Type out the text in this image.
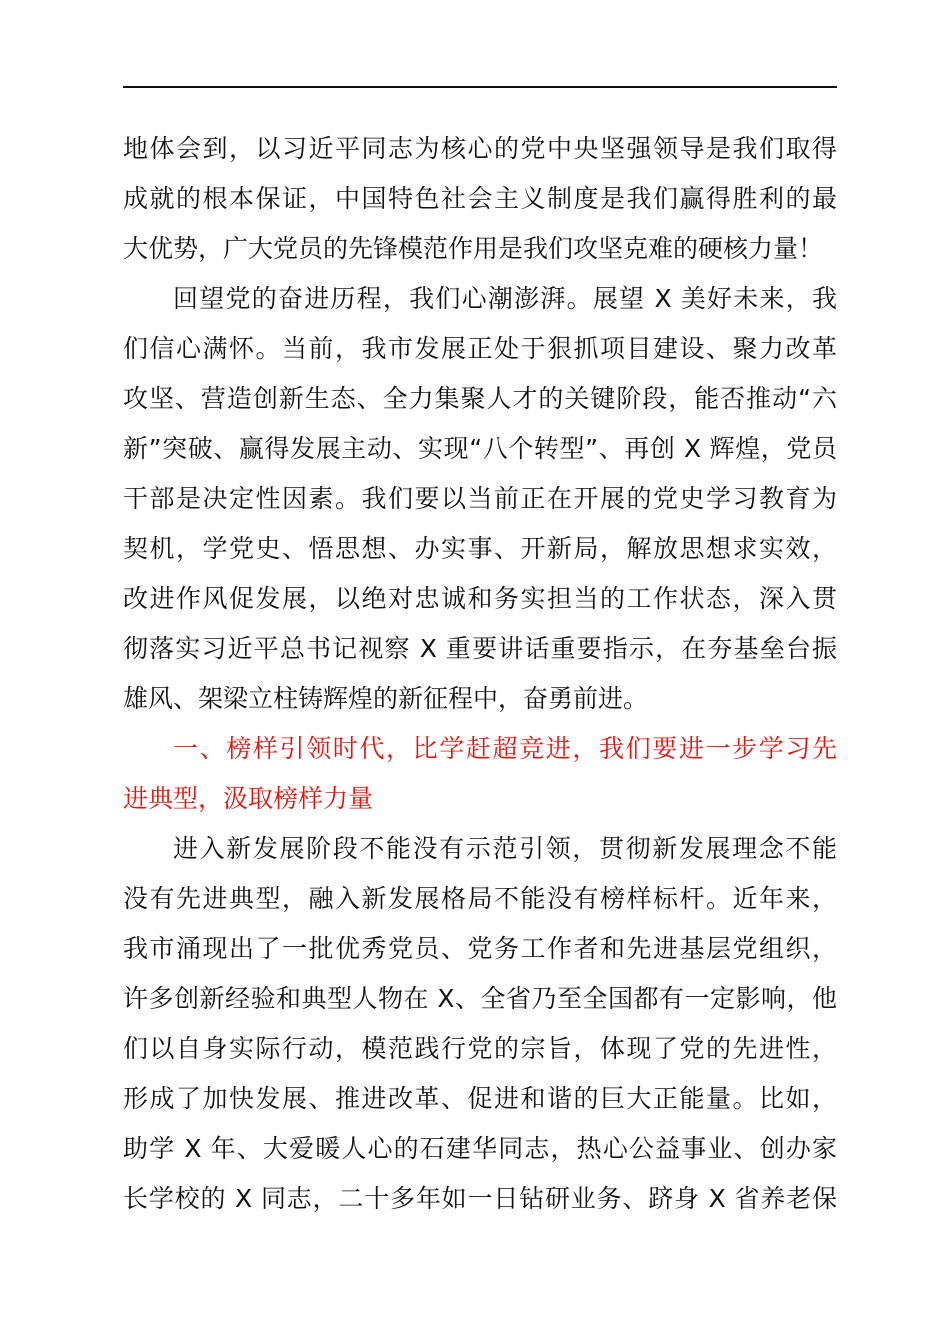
地体会到，以习近平同志为核心的党中央坚强领导是我们取得
成就的根本保证，中国特色社会主义制度是我们赢得胜利的最
大优势，广大党员的先锋模范作用是我们攻坚克难的硬核力量！
回望党的奋进历程，我们心潮澎湃。展望 X 美好未来，我
们信心满怀。当前，我市发展正处于狠抓项目建设、聚力改革
攻坚、营造创新生态、全力集聚人才的关键阶段，能否推动“六
新”突破、赢得发展主动、实现“八个转型”、再创 X 辉煌，党员
干部是决定性因素。我们要以当前正在开展的党史学习教育为
契机，学党史、悟思想、办实事、开新局，解放思想求实效，
改进作风促发展，以绝对忠诚和务实担当的工作状态，深入贯
彻落实习近平总书记视察 X 重要讲话重要指示，在夯基垒台振
雄风、架梁立柱铸辉煌的新征程中，奋勇前进。
一、榜样引领时代，比学赶超竞进，我们要进一步学习先
进典型，汲取榜样力量
进入新发展阶段不能没有示范引领，贯彻新发展理念不能
没有先进典型，融入新发展格局不能没有榜样标杆。近年来，
我市涌现出了一批优秀党员、党务工作者和先进基层党组织，
许多创新经验和典型人物在 X、全省乃至全国都有一定影响，他
们以自身实际行动，模范践行党的宗旨，体现了党的先进性，
形成了加快发展、推进改革、促进和谐的巨大正能量。比如，
助学 X 年、大爱暖人心的石建华同志，热心公益事业、创办家
长学校的 X 同志，二十多年如一日钻研业务、跻身 X 省养老保
